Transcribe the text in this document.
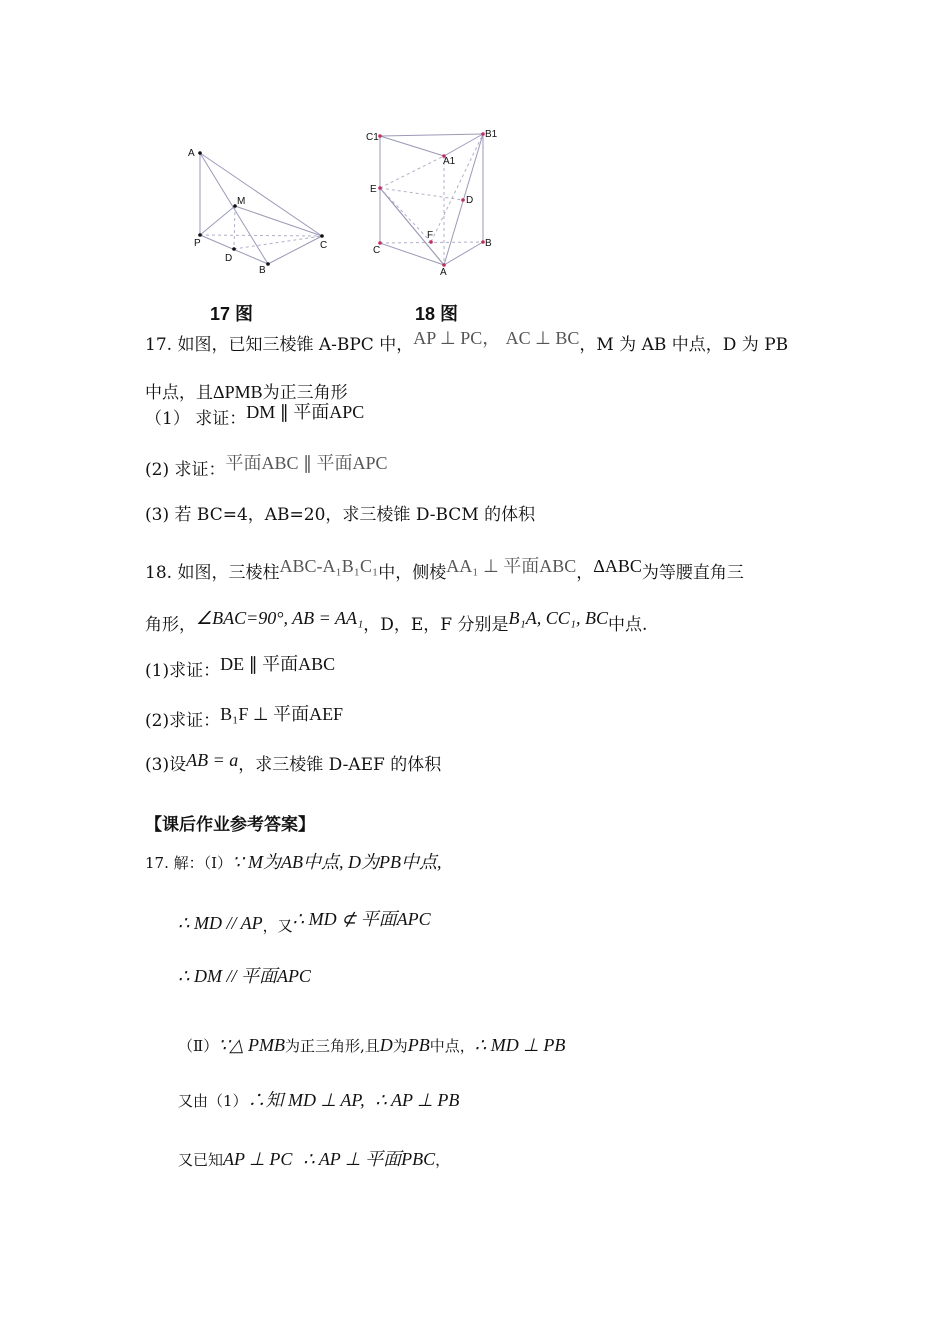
A
M
P	C
D
B
C1	B1
A1
E
D
F
C
B
A
17 图	18 图
17. 如图，已知三棱锥 A-BPC 中，AP ⊥ PC， AC ⊥ BC，M 为 AB 中点，D 为 PB
中点，且ΔPMB为正三角形
（1） 求证：DM ∥ 平面APC
(2) 求证：平面ABC ∥ 平面APC
(3) 若 BC=4，AB=20，求三棱锥 D-BCM 的体积
18. 如图，三棱柱ABC-A₁B₁C₁中，侧棱AA₁ ⊥ 平面ABC，ΔABC为等腰直角三
角形，∠BAC=90°, AB = AA₁，D，E，F 分别是B₁A, CC₁, BC中点.
(1)求证：DE ∥ 平面ABC
(2)求证：B₁F ⊥ 平面AEF
(3)设AB = a，求三棱锥 D-AEF 的体积
【课后作业参考答案】
17. 解：（Ⅰ）∵ M为AB中点, D为PB中点,
∴ MD // AP，又∴ MD ⊄ 平面APC
∴ DM // 平面APC
（Ⅱ）∵△ PMB为正三角形,且D为PB中点，∴ MD ⊥ PB
又由（1）∴知 MD ⊥ AP, ∴ AP ⊥ PB
又已知AP ⊥ PC ∴ AP ⊥ 平面PBC，
